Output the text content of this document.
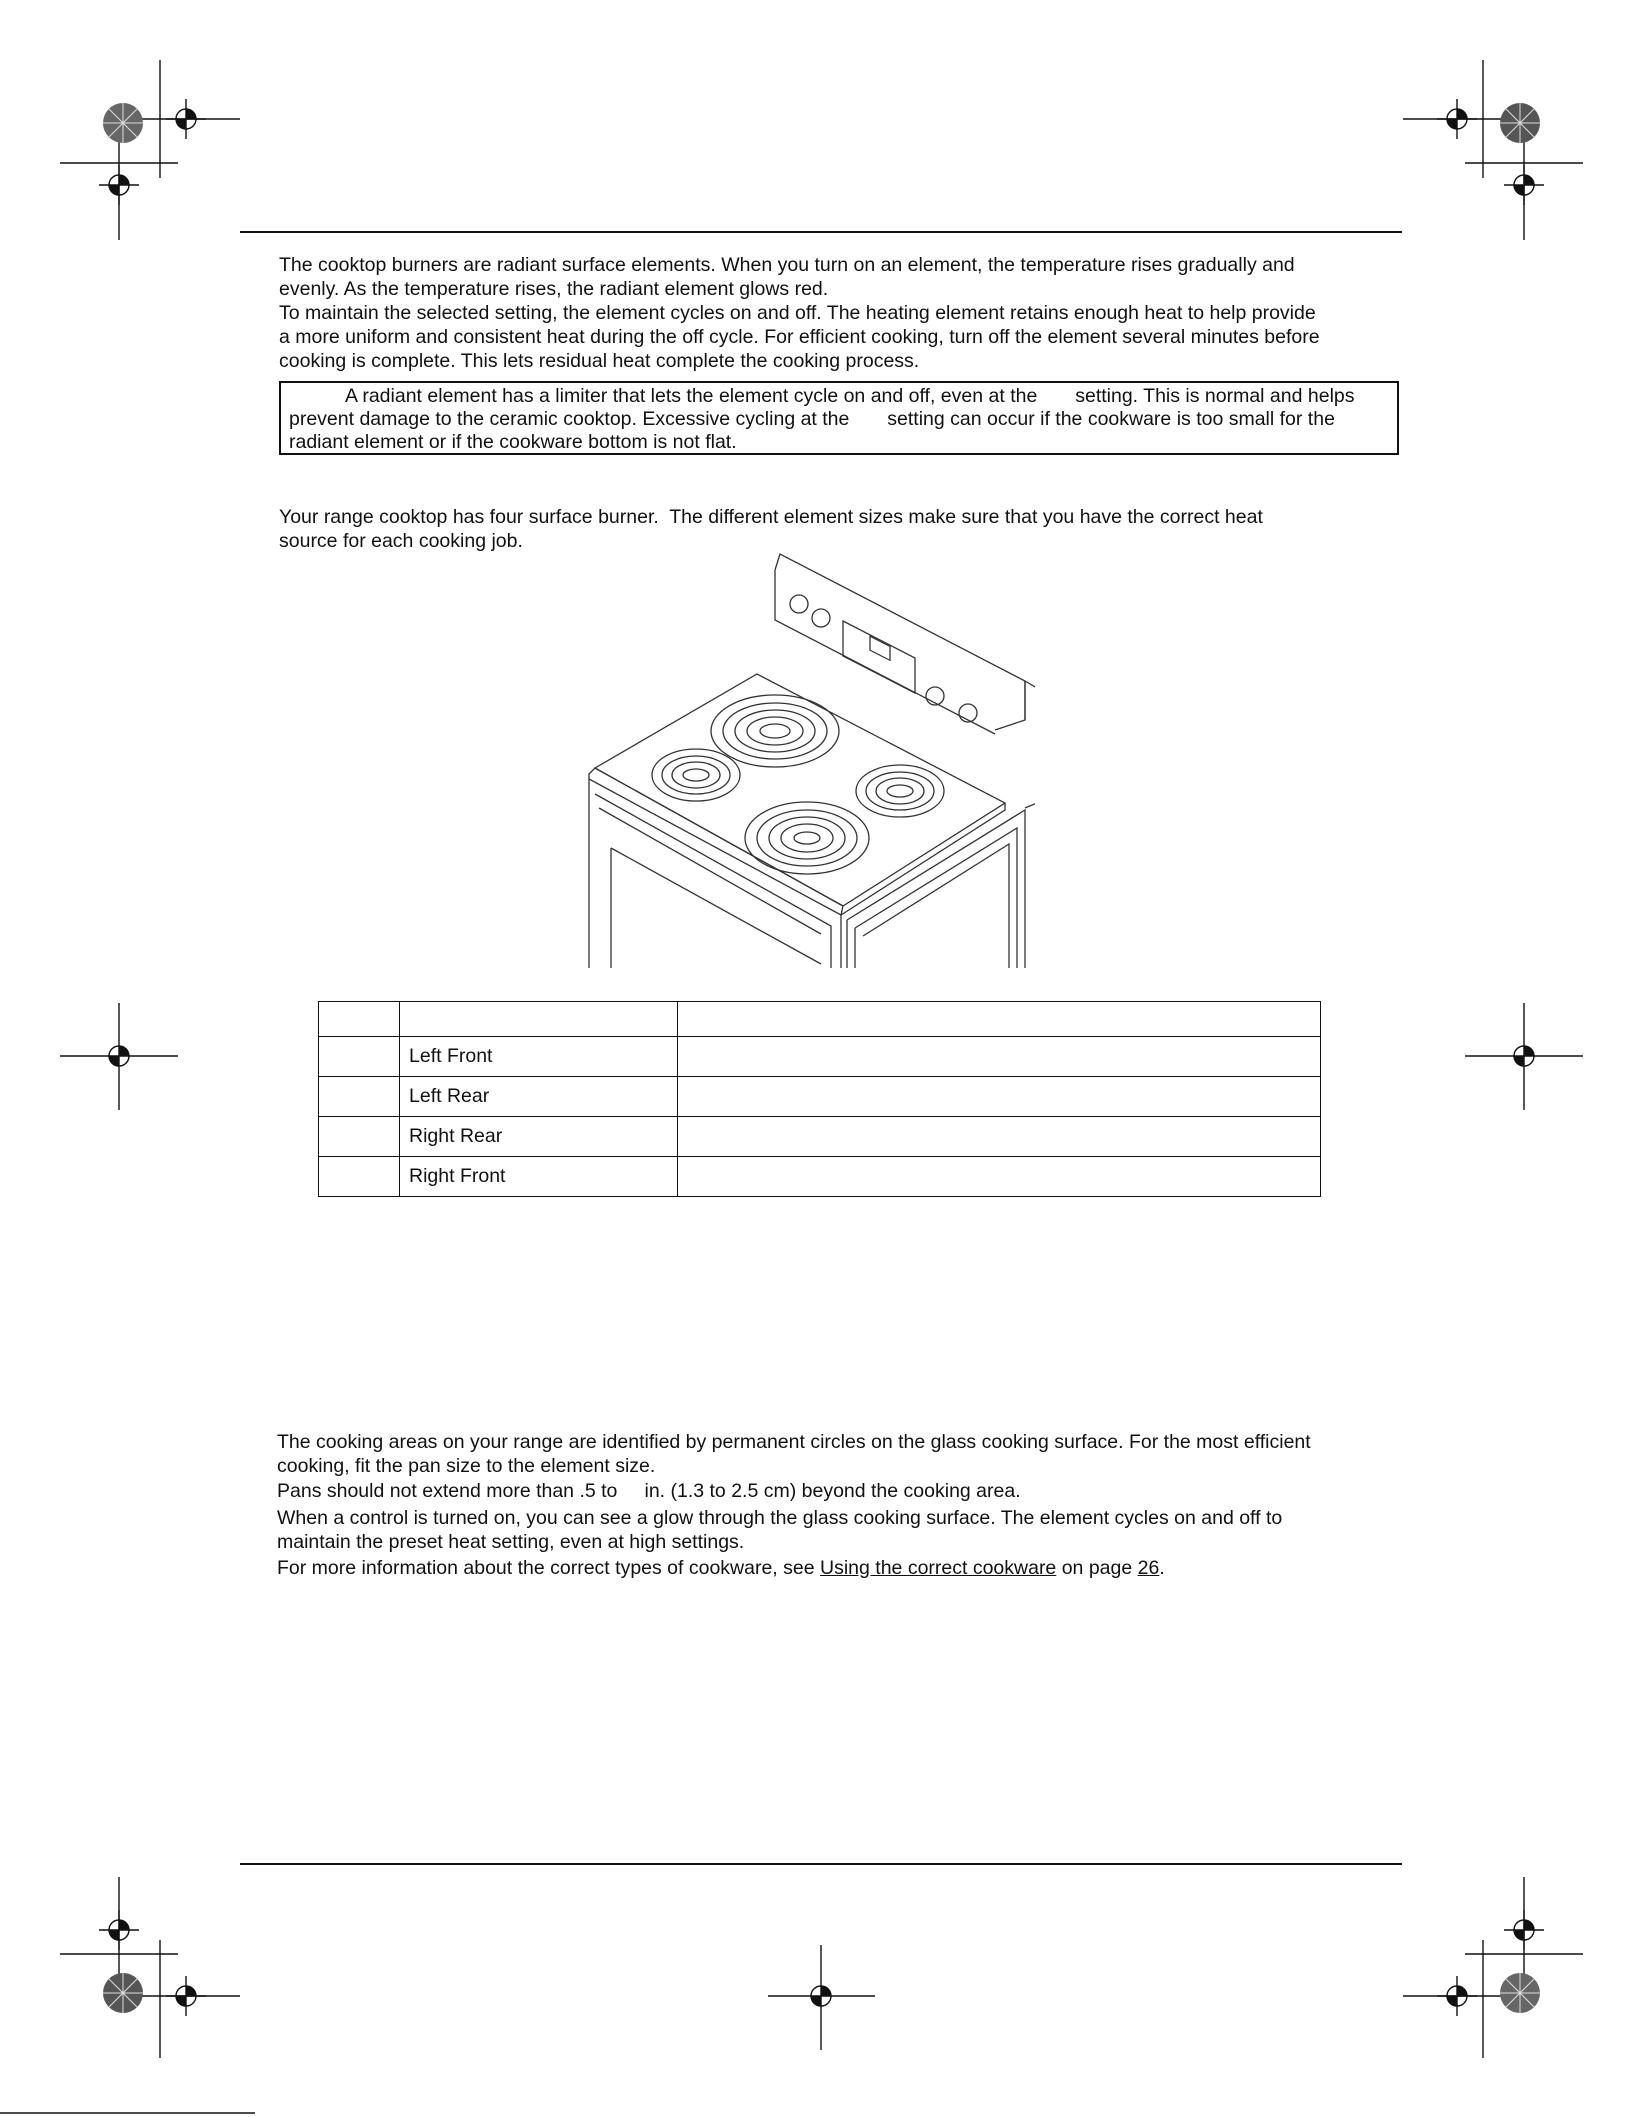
The cooktop burners are radiant surface elements. When you turn on an element, the temperature rises gradually and
evenly. As the temperature rises, the radiant element glows red.
To maintain the selected setting, the element cycles on and off. The heating element retains enough heat to help provide
a more uniform and consistent heat during the off cycle. For efficient cooking, turn off the element several minutes before
cooking is complete. This lets residual heat complete the cooking process.
A radiant element has a limiter that lets the element cycle on and off, even at the       setting. This is normal and helps
prevent damage to the ceramic cooktop. Excessive cycling at the       setting can occur if the cookware is too small for the
radiant element or if the cookware bottom is not flat.
Your range cooktop has four surface burner.  The different element sizes make sure that you have the correct heat
source for each cooking job.

	Left Front	
	Left Rear	
	Right Rear	
	Right Front	
The cooking areas on your range are identified by permanent circles on the glass cooking surface. For the most efficient
cooking, fit the pan size to the element size.
Pans should not extend more than .5 to     in. (1.3 to 2.5 cm) beyond the cooking area.
When a control is turned on, you can see a glow through the glass cooking surface. The element cycles on and off to
maintain the preset heat setting, even at high settings.
For more information about the correct types of cookware, see Using the correct cookware on page 26.
